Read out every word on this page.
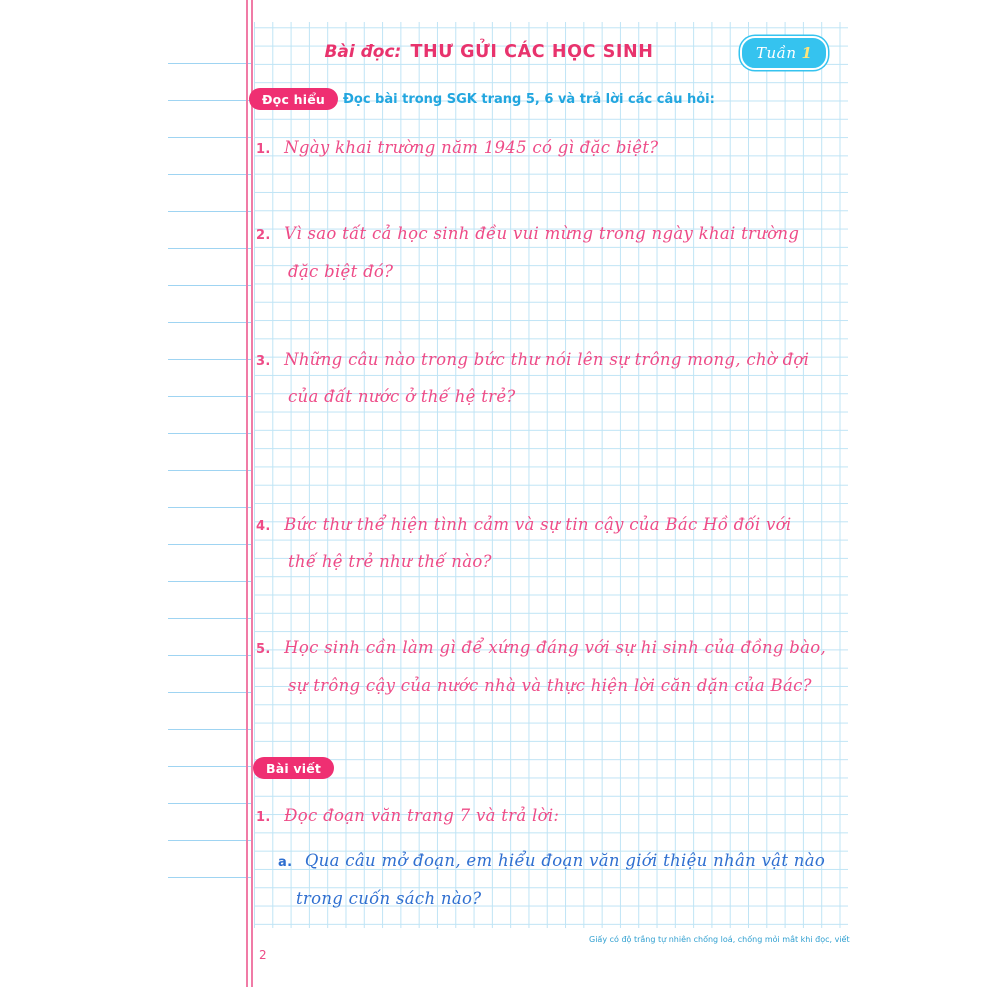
Bài đọc: THƯ GỬI CÁC HỌC SINH	Tuần 1
Đọc hiểu	Đọc bài trong SGK trang 5, 6 và trả lời các câu hỏi:
1. Ngày khai trường năm 1945 có gì đặc biệt?
2. Vì sao tất cả học sinh đều vui mừng trong ngày khai trường
đặc biệt đó?
3. Những câu nào trong bức thư nói lên sự trông mong, chờ đợi
của đất nước ở thế hệ trẻ?
4. Bức thư thể hiện tình cảm và sự tin cậy của Bác Hồ đối với
thế hệ trẻ như thế nào?
5. Học sinh cần làm gì để xứng đáng với sự hi sinh của đồng bào,
sự trông cậy của nước nhà và thực hiện lời căn dặn của Bác?
Bài viết
1. Đọc đoạn văn trang 7 và trả lời:
a. Qua câu mở đoạn, em hiểu đoạn văn giới thiệu nhân vật nào
trong cuốn sách nào?
Giấy có độ trắng tự nhiên chống loá, chống mỏi mắt khi đọc, viết
2
